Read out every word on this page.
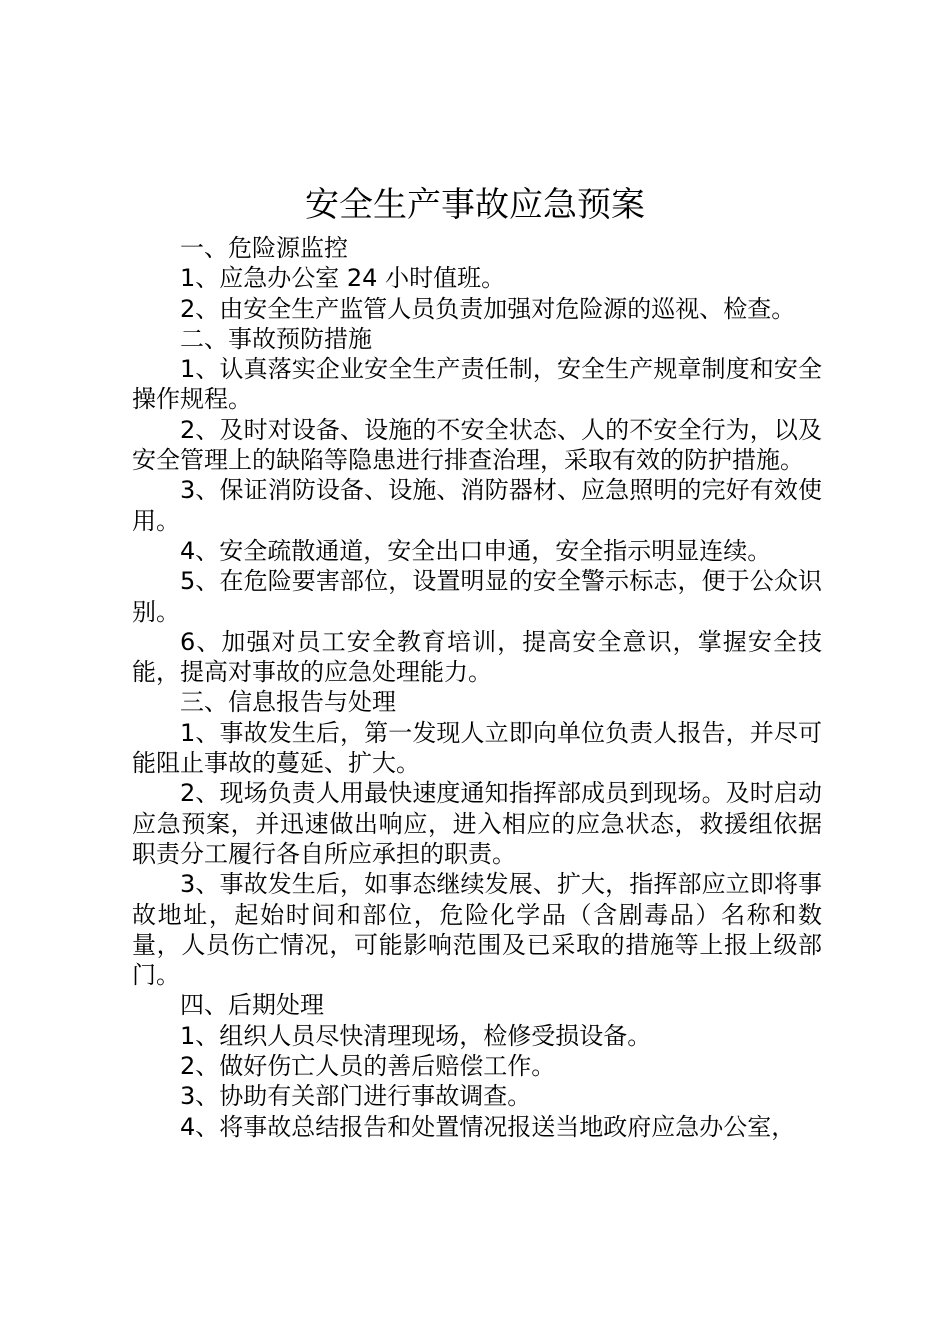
安全生产事故应急预案

一、危险源监控

1、应急办公室 24 小时值班。

2、由安全生产监管人员负责加强对危险源的巡视、检查。

二、事故预防措施

1、认真落实企业安全生产责任制，安全生产规章制度和安全操作规程。

2、及时对设备、设施的不安全状态、人的不安全行为，以及安全管理上的缺陷等隐患进行排查治理，采取有效的防护措施。

3、保证消防设备、设施、消防器材、应急照明的完好有效使用。

4、安全疏散通道，安全出口申通，安全指示明显连续。

5、在危险要害部位，设置明显的安全警示标志，便于公众识别。

6、加强对员工安全教育培训，提高安全意识，掌握安全技能，提高对事故的应急处理能力。

三、信息报告与处理

1、事故发生后，第一发现人立即向单位负责人报告，并尽可能阻止事故的蔓延、扩大。

2、现场负责人用最快速度通知指挥部成员到现场。及时启动应急预案，并迅速做出响应，进入相应的应急状态，救援组依据职责分工履行各自所应承担的职责。

3、事故发生后，如事态继续发展、扩大，指挥部应立即将事故地址，起始时间和部位，危险化学品（含剧毒品）名称和数量，人员伤亡情况，可能影响范围及已采取的措施等上报上级部门。

四、后期处理

1、组织人员尽快清理现场，检修受损设备。

2、做好伤亡人员的善后赔偿工作。

3、协助有关部门进行事故调查。

4、将事故总结报告和处置情况报送当地政府应急办公室，
